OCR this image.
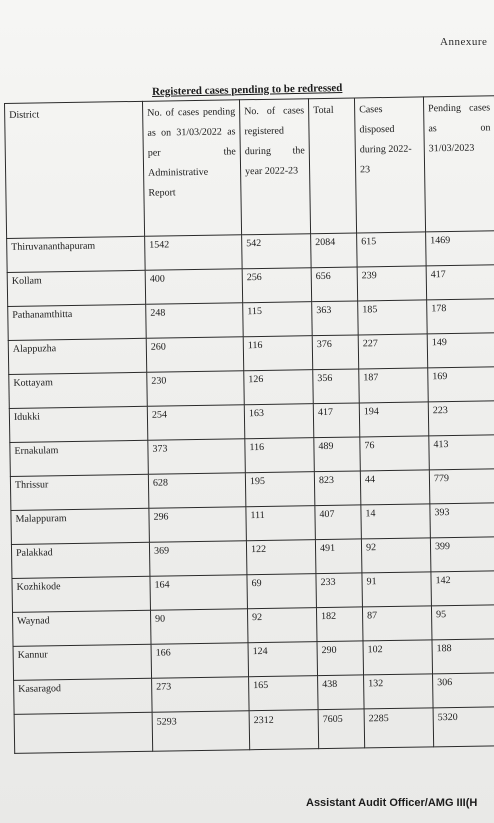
Annexure
Registered cases pending to be redressed
District	No. of cases pending as on 31/03/2022 as per the Administrative Report	No. of cases registered during the year 2022-23	Total	Cases disposed during 2022-23	Pending cases as on 31/03/2023
Thiruvananthapuram	1542	542	2084	615	1469
Kollam	400	256	656	239	417
Pathanamthitta	248	115	363	185	178
Alappuzha	260	116	376	227	149
Kottayam	230	126	356	187	169
Idukki	254	163	417	194	223
Ernakulam	373	116	489	76	413
Thrissur	628	195	823	44	779
Malappuram	296	111	407	14	393
Palakkad	369	122	491	92	399
Kozhikode	164	69	233	91	142
Waynad	90	92	182	87	95
Kannur	166	124	290	102	188
Kasaragod	273	165	438	132	306
	5293	2312	7605	2285	5320
Assistant Audit Officer/AMG III(H
